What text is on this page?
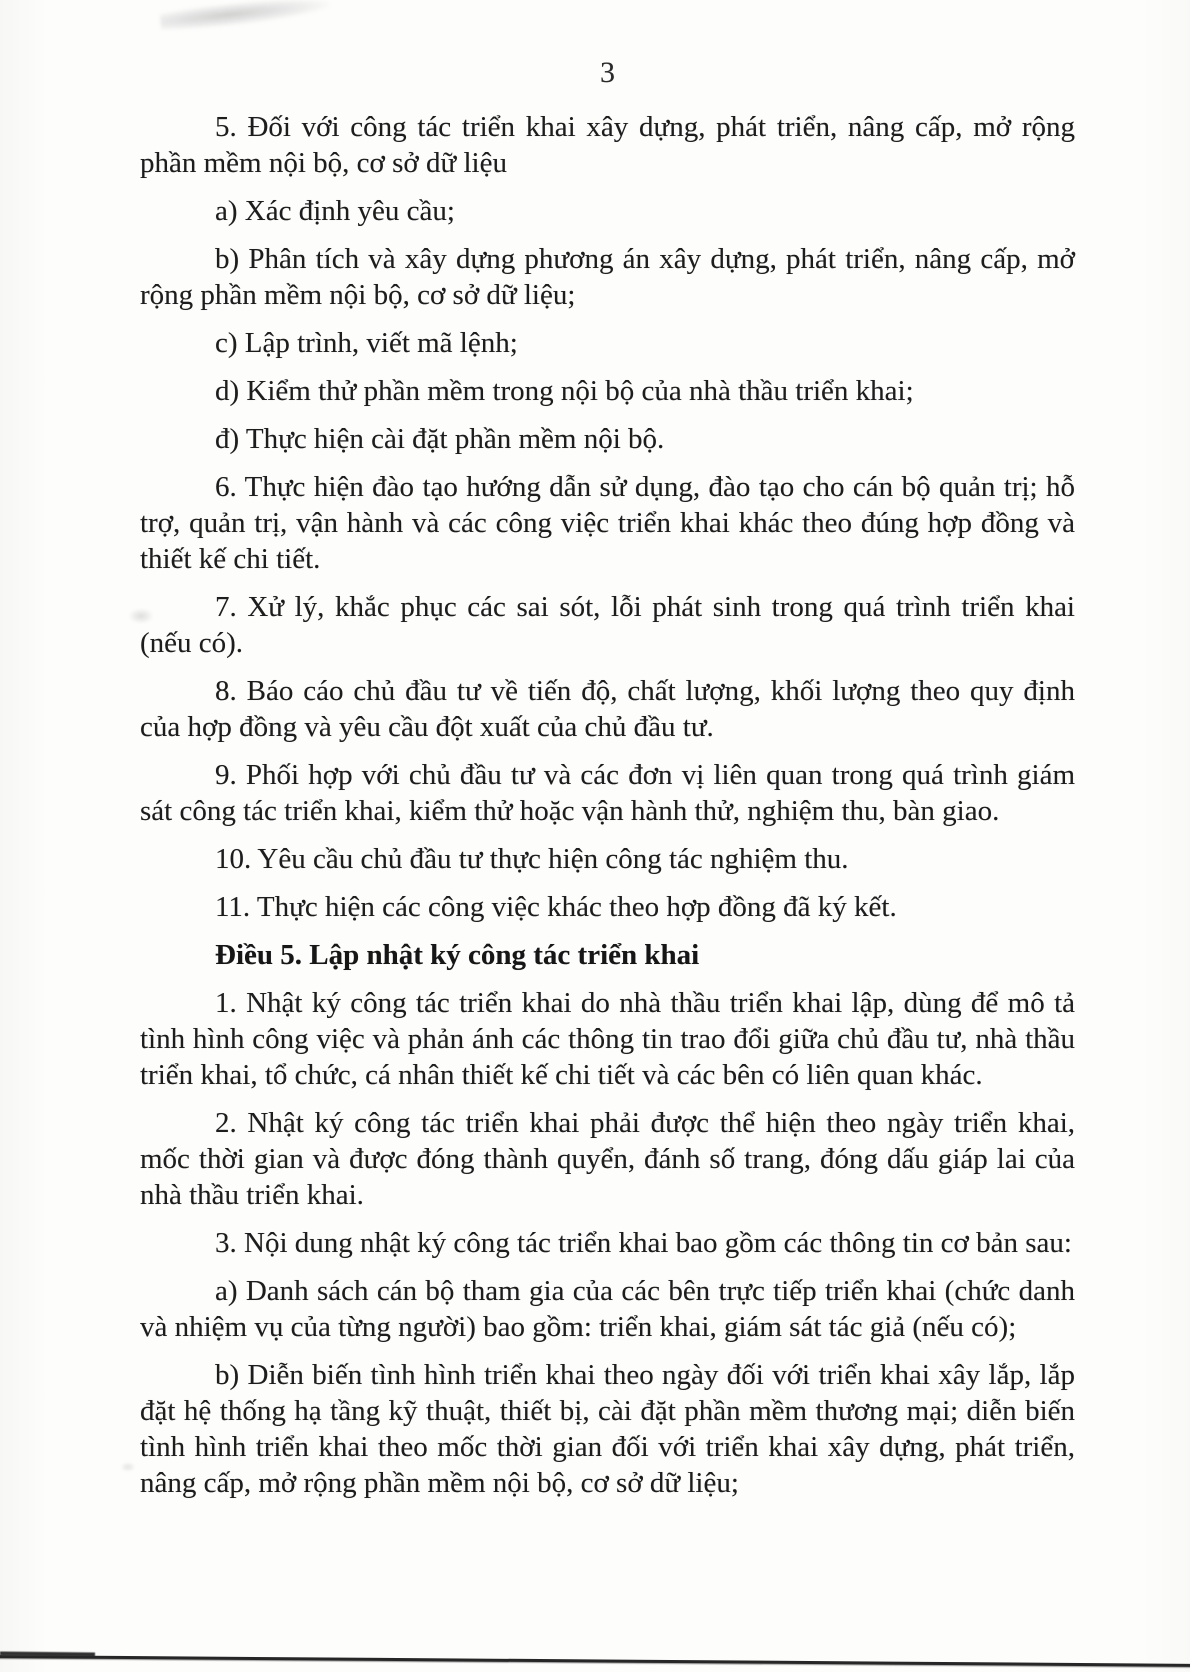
3

5. Đối với công tác triển khai xây dựng, phát triển, nâng cấp, mở rộng phần mềm nội bộ, cơ sở dữ liệu

a) Xác định yêu cầu;

b) Phân tích và xây dựng phương án xây dựng, phát triển, nâng cấp, mở rộng phần mềm nội bộ, cơ sở dữ liệu;

c) Lập trình, viết mã lệnh;

d) Kiểm thử phần mềm trong nội bộ của nhà thầu triển khai;

đ) Thực hiện cài đặt phần mềm nội bộ.

6. Thực hiện đào tạo hướng dẫn sử dụng, đào tạo cho cán bộ quản trị; hỗ trợ, quản trị, vận hành và các công việc triển khai khác theo đúng hợp đồng và thiết kế chi tiết.

7. Xử lý, khắc phục các sai sót, lỗi phát sinh trong quá trình triển khai (nếu có).

8. Báo cáo chủ đầu tư về tiến độ, chất lượng, khối lượng theo quy định của hợp đồng và yêu cầu đột xuất của chủ đầu tư.

9. Phối hợp với chủ đầu tư và các đơn vị liên quan trong quá trình giám sát công tác triển khai, kiểm thử hoặc vận hành thử, nghiệm thu, bàn giao.

10. Yêu cầu chủ đầu tư thực hiện công tác nghiệm thu.

11. Thực hiện các công việc khác theo hợp đồng đã ký kết.

Điều 5. Lập nhật ký công tác triển khai

1. Nhật ký công tác triển khai do nhà thầu triển khai lập, dùng để mô tả tình hình công việc và phản ánh các thông tin trao đổi giữa chủ đầu tư, nhà thầu triển khai, tổ chức, cá nhân thiết kế chi tiết và các bên có liên quan khác.

2. Nhật ký công tác triển khai phải được thể hiện theo ngày triển khai, mốc thời gian và được đóng thành quyển, đánh số trang, đóng dấu giáp lai của nhà thầu triển khai.

3. Nội dung nhật ký công tác triển khai bao gồm các thông tin cơ bản sau:

a) Danh sách cán bộ tham gia của các bên trực tiếp triển khai (chức danh và nhiệm vụ của từng người) bao gồm: triển khai, giám sát tác giả (nếu có);

b) Diễn biến tình hình triển khai theo ngày đối với triển khai xây lắp, lắp đặt hệ thống hạ tầng kỹ thuật, thiết bị, cài đặt phần mềm thương mại; diễn biến tình hình triển khai theo mốc thời gian đối với triển khai xây dựng, phát triển, nâng cấp, mở rộng phần mềm nội bộ, cơ sở dữ liệu;
